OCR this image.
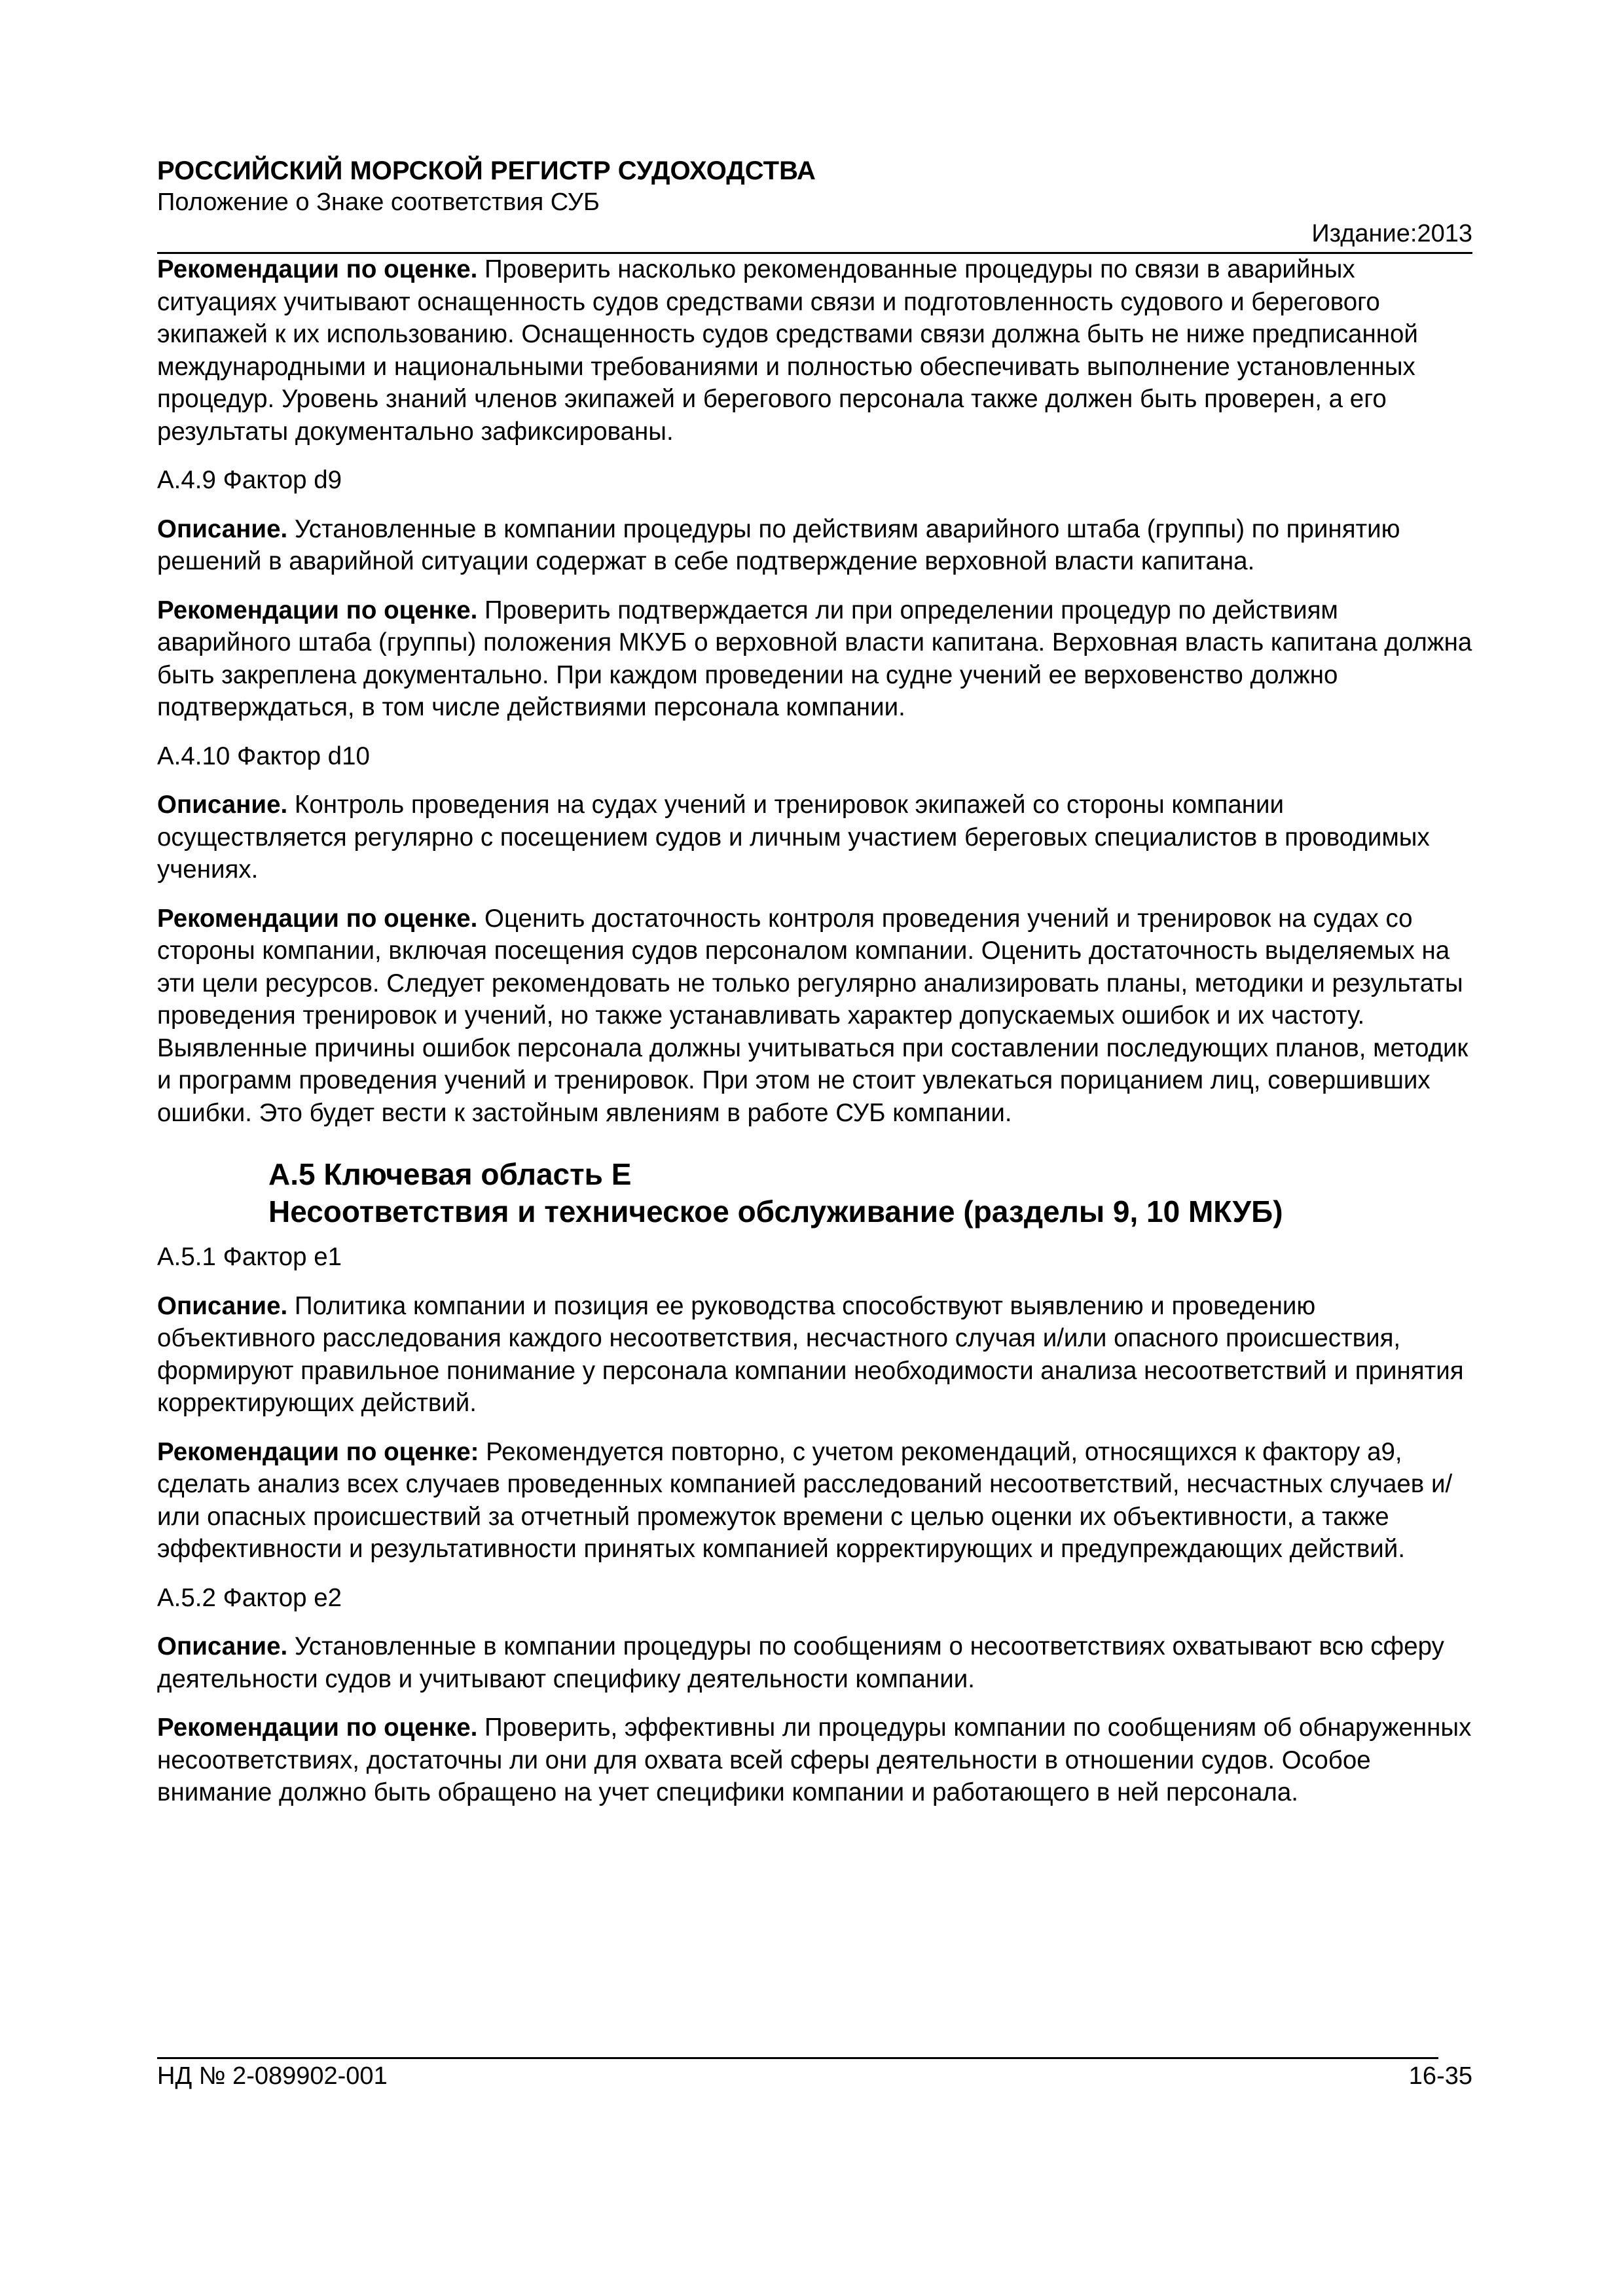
РОССИЙСКИЙ МОРСКОЙ РЕГИСТР СУДОХОДСТВА
Положение о Знаке соответствия СУБ
Издание:2013

Рекомендации по оценке. Проверить насколько рекомендованные процедуры по связи в аварийных ситуациях учитывают оснащенность судов средствами связи и подготовленность судового и берегового экипажей к их использованию. Оснащенность судов средствами связи должна быть не ниже предписанной международными и национальными требованиями и полностью обеспечивать выполнение установленных процедур. Уровень знаний членов экипажей и берегового персонала также должен быть проверен, а его результаты документально зафиксированы.

А.4.9 Фактор d9

Описание. Установленные в компании процедуры по действиям аварийного штаба (группы) по принятию решений в аварийной ситуации содержат в себе подтверждение верховной власти капитана.

Рекомендации по оценке. Проверить подтверждается ли при определении процедур по действиям аварийного штаба (группы) положения МКУБ о верховной власти капитана. Верховная власть капитана должна быть закреплена документально. При каждом проведении на судне учений ее верховенство должно подтверждаться, в том числе действиями персонала компании.

А.4.10 Фактор d10

Описание. Контроль проведения на судах учений и тренировок экипажей со стороны компании осуществляется регулярно с посещением судов и личным участием береговых специалистов в проводимых учениях.

Рекомендации по оценке. Оценить достаточность контроля проведения учений и тренировок на судах со стороны компании, включая посещения судов персоналом компании. Оценить достаточность выделяемых на эти цели ресурсов. Следует рекомендовать не только регулярно анализировать планы, методики и результаты проведения тренировок и учений, но также устанавливать характер допускаемых ошибок и их частоту. Выявленные причины ошибок персонала должны учитываться при составлении последующих планов, методик и программ проведения учений и тренировок. При этом не стоит увлекаться порицанием лиц, совершивших ошибки. Это будет вести к застойным явлениям в работе СУБ компании.

А.5 Ключевая область Е
Несоответствия и техническое обслуживание (разделы 9, 10 МКУБ)

А.5.1 Фактор е1

Описание. Политика компании и позиция ее руководства способствуют выявлению и проведению объективного расследования каждого несоответствия, несчастного случая и/или опасного происшествия, формируют правильное понимание у персонала компании необходимости анализа несоответствий и принятия корректирующих действий.

Рекомендации по оценке: Рекомендуется повторно, с учетом рекомендаций, относящихся к фактору а9, сделать анализ всех случаев проведенных компанией расследований несоответствий, несчастных случаев и/или опасных происшествий за отчетный промежуток времени с целью оценки их объективности, а также эффективности и результативности принятых компанией корректирующих и предупреждающих действий.

А.5.2 Фактор е2

Описание. Установленные в компании процедуры по сообщениям о несоответствиях охватывают всю сферу деятельности судов и учитывают специфику деятельности компании.

Рекомендации по оценке. Проверить, эффективны ли процедуры компании по сообщениям об обнаруженных несоответствиях, достаточны ли они для охвата всей сферы деятельности в отношении судов. Особое внимание должно быть обращено на учет специфики компании и работающего в ней персонала.

НД № 2-089902-001	16-35
